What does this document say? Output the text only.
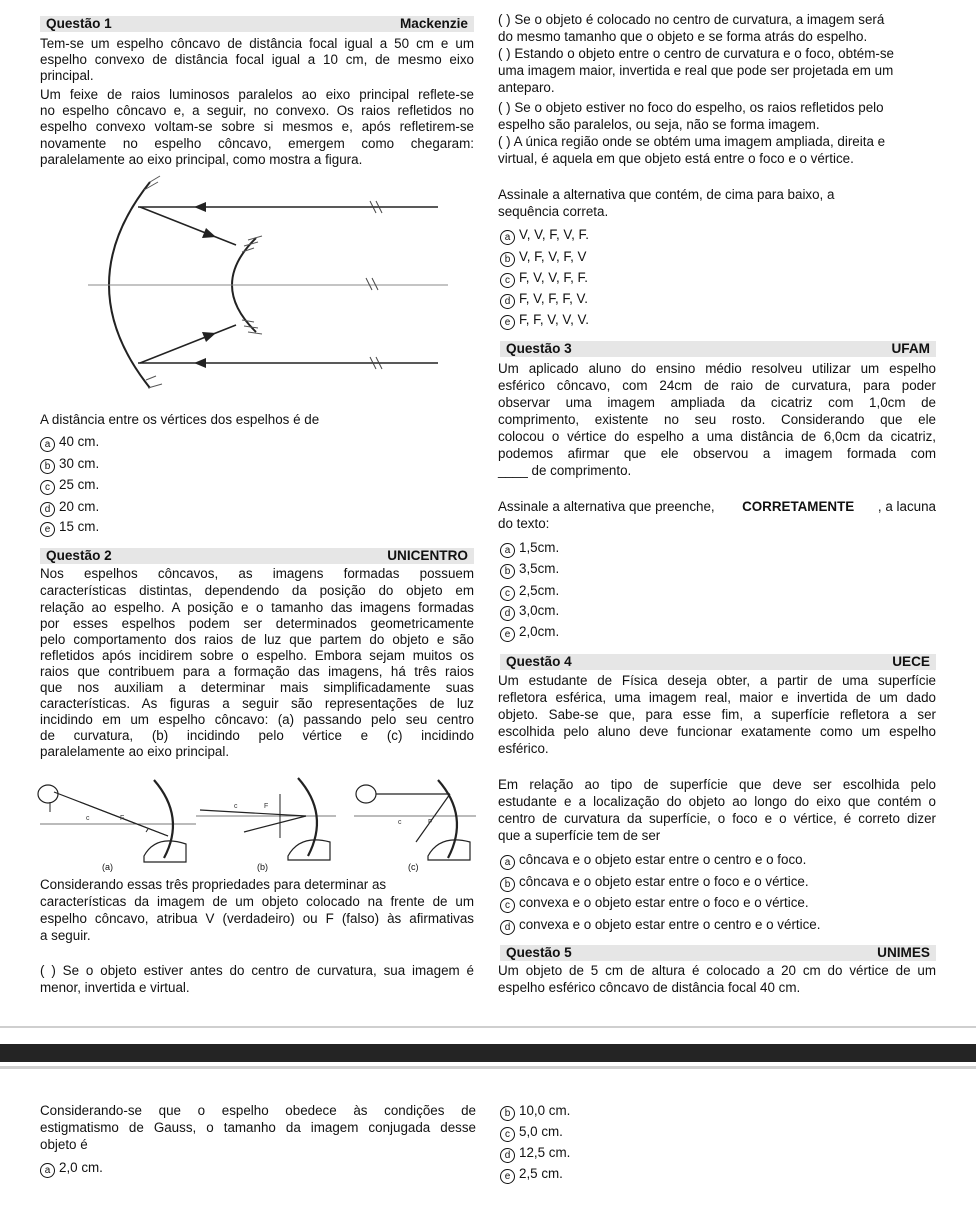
Questão 1	Mackenzie
Tem-se um espelho côncavo de distância focal igual a 50 cm e um
espelho convexo de distância focal igual a 10 cm, de mesmo eixo
principal.
Um feixe de raios luminosos paralelos ao eixo principal reflete-se
no espelho côncavo e, a seguir, no convexo. Os raios refletidos no
espelho convexo voltam-se sobre si mesmos e, após refletirem-se
novamente no espelho côncavo, emergem como chegaram:
paralelamente ao eixo principal, como mostra a figura.
A distância entre os vértices dos espelhos é de
a 40 cm.
b 30 cm.
c 25 cm.
d 20 cm.
e 15 cm.
Questão 2	UNICENTRO
Nos espelhos côncavos, as imagens formadas possuem
características distintas, dependendo da posição do objeto em
relação ao espelho. A posição e o tamanho das imagens formadas
por esses espelhos podem ser determinados geometricamente
pelo comportamento dos raios de luz que partem do objeto e são
refletidos após incidirem sobre o espelho. Embora sejam muitos os
raios que contribuem para a formação das imagens, há três raios
que nos auxiliam a determinar mais simplificadamente suas
características. As figuras a seguir são representações de luz
incidindo em um espelho côncavo: (a) passando pelo seu centro
de curvatura, (b) incidindo pelo vértice e (c) incidindo
paralelamente ao eixo principal.
c	F
c	F
c	F
(a)	(b)	(c)
Considerando essas três propriedades para determinar as
características da imagem de um objeto colocado na frente de um
espelho côncavo, atribua V (verdadeiro) ou F (falso) às afirmativas
a seguir.
( ) Se o objeto estiver antes do centro de curvatura, sua imagem é
menor, invertida e virtual.
( ) Se o objeto é colocado no centro de curvatura, a imagem será
do mesmo tamanho que o objeto e se forma atrás do espelho.
( ) Estando o objeto entre o centro de curvatura e o foco, obtém-se
uma imagem maior, invertida e real que pode ser projetada em um
anteparo.
( ) Se o objeto estiver no foco do espelho, os raios refletidos pelo
espelho são paralelos, ou seja, não se forma imagem.
( ) A única região onde se obtém uma imagem ampliada, direita e
virtual, é aquela em que objeto está entre o foco e o vértice.
Assinale a alternativa que contém, de cima para baixo, a
sequência correta.
a V, V, F, V, F.
b V, F, V, F, V
c F, V, V, F, F.
d F, V, F, F, V.
e F, F, V, V, V.
Questão 3	UFAM
Um aplicado aluno do ensino médio resolveu utilizar um espelho
esférico côncavo, com 24cm de raio de curvatura, para poder
observar uma imagem ampliada da cicatriz com 1,0cm de
comprimento, existente no seu rosto. Considerando que ele
colocou o vértice do espelho a uma distância de 6,0cm da cicatriz,
podemos afirmar que ele observou a imagem formada com
____ de comprimento.
Assinale a alternativa que preenche, CORRETAMENTE , a lacuna
do texto:
a 1,5cm.
b 3,5cm.
c 2,5cm.
d 3,0cm.
e 2,0cm.
Questão 4	UECE
Um estudante de Física deseja obter, a partir de uma superfície
refletora esférica, uma imagem real, maior e invertida de um dado
objeto. Sabe-se que, para esse fim, a superfície refletora a ser
escolhida pelo aluno deve funcionar exatamente como um espelho
esférico.
Em relação ao tipo de superfície que deve ser escolhida pelo
estudante e a localização do objeto ao longo do eixo que contém o
centro de curvatura da superfície, o foco e o vértice, é correto dizer
que a superfície tem de ser
a côncava e o objeto estar entre o centro e o foco.
b côncava e o objeto estar entre o foco e o vértice.
c convexa e o objeto estar entre o foco e o vértice.
d convexa e o objeto estar entre o centro e o vértice.
Questão 5	UNIMES
Um objeto de 5 cm de altura é colocado a 20 cm do vértice de um
espelho esférico côncavo de distância focal 40 cm.
Considerando-se que o espelho obedece às condições de
estigmatismo de Gauss, o tamanho da imagem conjugada desse
objeto é
a 2,0 cm.
b 10,0 cm.
c 5,0 cm.
d 12,5 cm.
e 2,5 cm.
